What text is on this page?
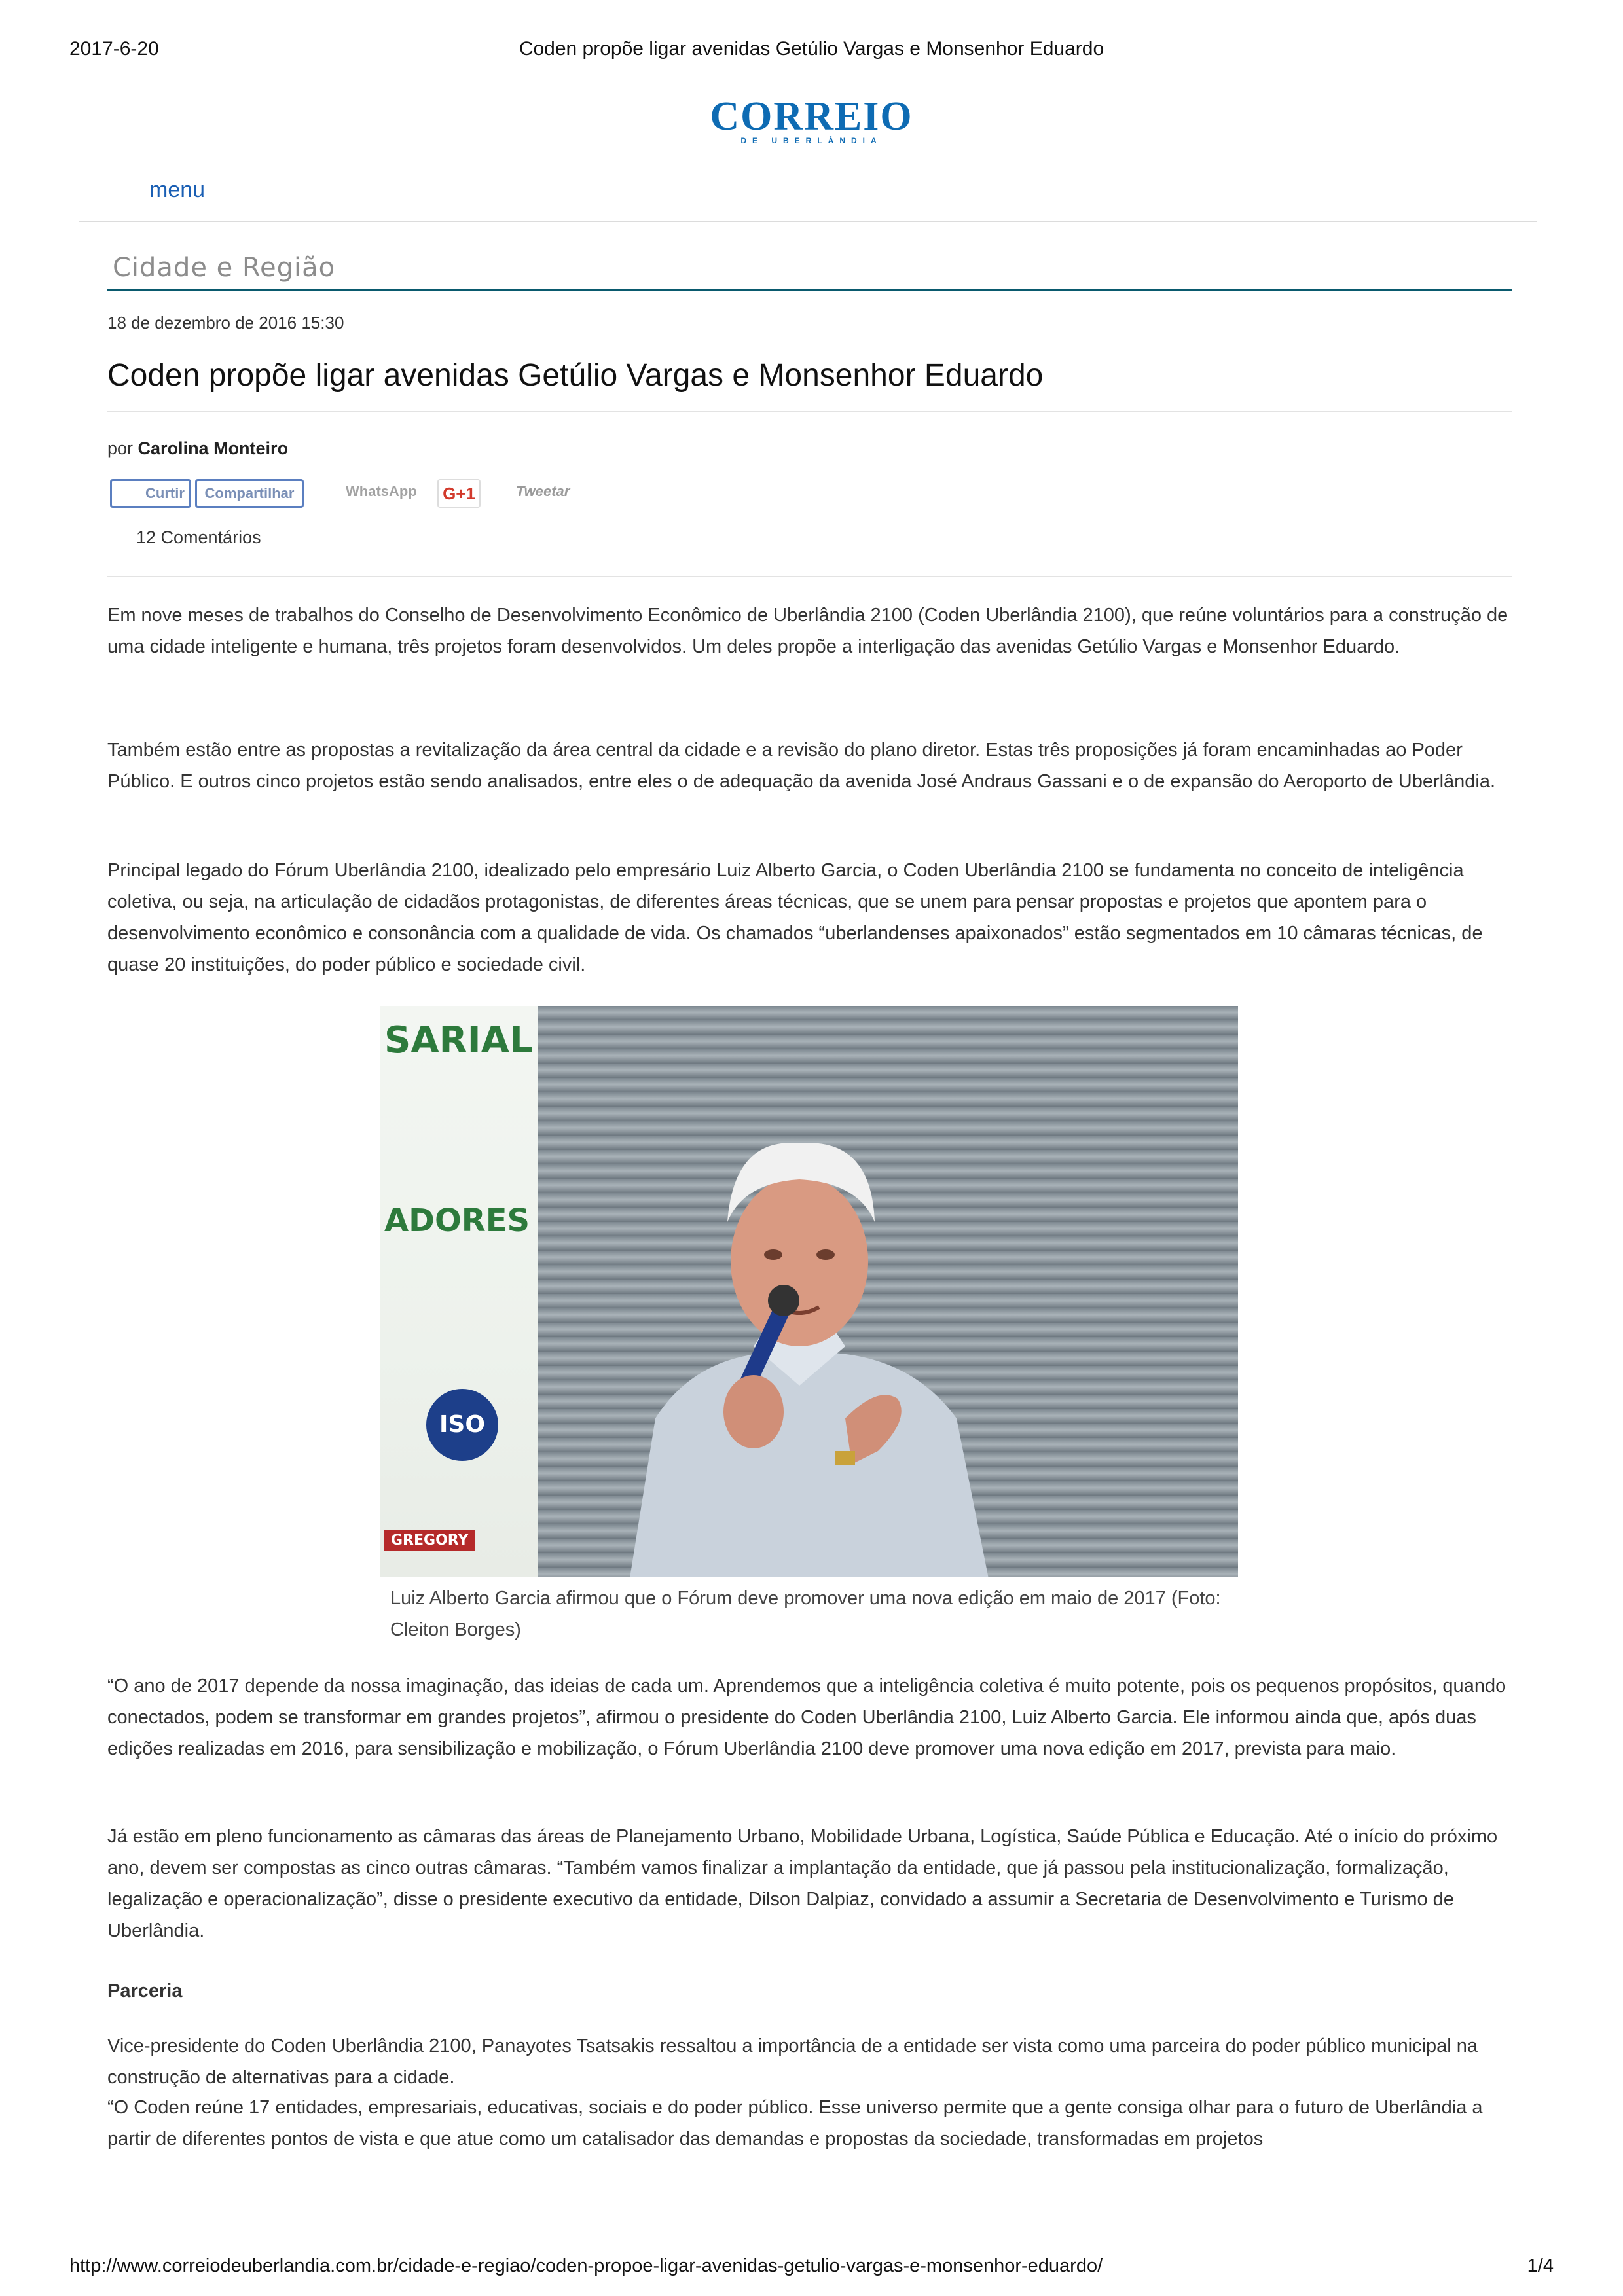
2017-6-20	Coden propõe ligar avenidas Getúlio Vargas e Monsenhor Eduardo
CORREIO
DE UBERLÂNDIA
menu
Cidade e Região
18 de dezembro de 2016 15:30
Coden propõe ligar avenidas Getúlio Vargas e Monsenhor Eduardo
por Carolina Monteiro
Curtir	Compartilhar	WhatsApp	G+1	Tweetar
12 Comentários

Em nove meses de trabalhos do Conselho de Desenvolvimento Econômico de Uberlândia 2100 (Coden Uberlândia 2100), que reúne voluntários para a construção de uma cidade inteligente e humana, três projetos foram desenvolvidos. Um deles propõe a interligação das avenidas Getúlio Vargas e Monsenhor Eduardo.

Também estão entre as propostas a revitalização da área central da cidade e a revisão do plano diretor. Estas três proposições já foram encaminhadas ao Poder Público. E outros cinco projetos estão sendo analisados, entre eles o de adequação da avenida José Andraus Gassani e o de expansão do Aeroporto de Uberlândia.

Principal legado do Fórum Uberlândia 2100, idealizado pelo empresário Luiz Alberto Garcia, o Coden Uberlândia 2100 se fundamenta no conceito de inteligência coletiva, ou seja, na articulação de cidadãos protagonistas, de diferentes áreas técnicas, que se unem para pensar propostas e projetos que apontem para o desenvolvimento econômico e consonância com a qualidade de vida. Os chamados “uberlandenses apaixonados” estão segmentados em 10 câmaras técnicas, de quase 20 instituições, do poder público e sociedade civil.

SARIAL
ADORES
ISO
GREGORY
Luiz Alberto Garcia afirmou que o Fórum deve promover uma nova edição em maio de 2017 (Foto: Cleiton Borges)

“O ano de 2017 depende da nossa imaginação, das ideias de cada um. Aprendemos que a inteligência coletiva é muito potente, pois os pequenos propósitos, quando conectados, podem se transformar em grandes projetos”, afirmou o presidente do Coden Uberlândia 2100, Luiz Alberto Garcia. Ele informou ainda que, após duas edições realizadas em 2016, para sensibilização e mobilização, o Fórum Uberlândia 2100 deve promover uma nova edição em 2017, prevista para maio.

Já estão em pleno funcionamento as câmaras das áreas de Planejamento Urbano, Mobilidade Urbana, Logística, Saúde Pública e Educação. Até o início do próximo ano, devem ser compostas as cinco outras câmaras. “Também vamos finalizar a implantação da entidade, que já passou pela institucionalização, formalização, legalização e operacionalização”, disse o presidente executivo da entidade, Dilson Dalpiaz, convidado a assumir a Secretaria de Desenvolvimento e Turismo de Uberlândia.

Parceria

Vice-presidente do Coden Uberlândia 2100, Panayotes Tsatsakis ressaltou a importância de a entidade ser vista como uma parceira do poder público municipal na construção de alternativas para a cidade.

“O Coden reúne 17 entidades, empresariais, educativas, sociais e do poder público. Esse universo permite que a gente consiga olhar para o futuro de Uberlândia a partir de diferentes pontos de vista e que atue como um catalisador das demandas e propostas da sociedade, transformadas em projetos

http://www.correiodeuberlandia.com.br/cidade-e-regiao/coden-propoe-ligar-avenidas-getulio-vargas-e-monsenhor-eduardo/	1/4
